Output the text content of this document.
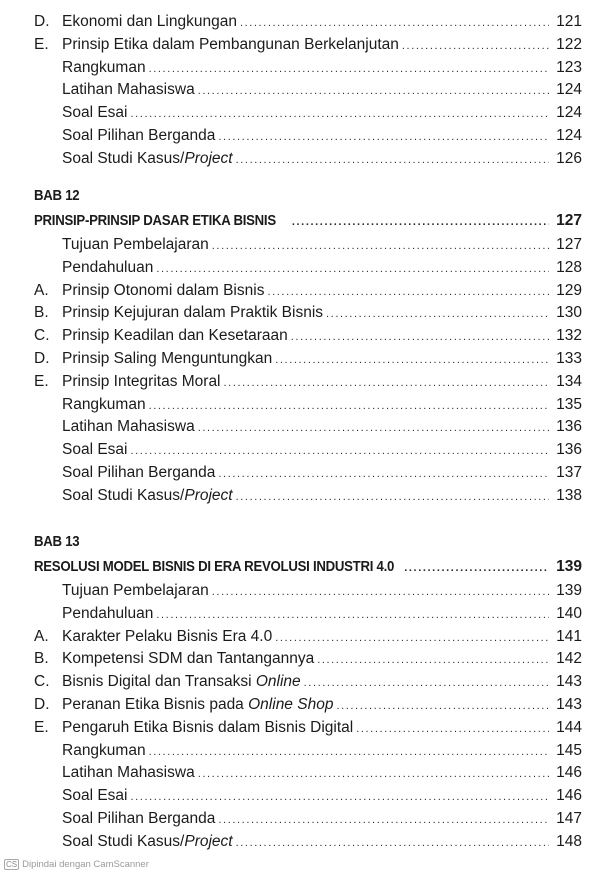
D. Ekonomi dan Lingkungan .....	121
E. Prinsip Etika dalam Pembangunan Berkelanjutan .....	122
Rangkuman .....	123
Latihan Mahasiswa .....	124
Soal Esai .....	124
Soal Pilihan Berganda .....	124
Soal Studi Kasus/Project .....	126
BAB 12
PRINSIP-PRINSIP DASAR ETIKA BISNIS .....	127
Tujuan Pembelajaran .....	127
Pendahuluan .....	128
A. Prinsip Otonomi dalam Bisnis .....	129
B. Prinsip Kejujuran dalam Praktik Bisnis .....	130
C. Prinsip Keadilan dan Kesetaraan .....	132
D. Prinsip Saling Menguntungkan .....	133
E. Prinsip Integritas Moral .....	134
Rangkuman .....	135
Latihan Mahasiswa .....	136
Soal Esai .....	136
Soal Pilihan Berganda .....	137
Soal Studi Kasus/Project .....	138
BAB 13
RESOLUSI MODEL BISNIS DI ERA REVOLUSI INDUSTRI 4.0 .....	139
Tujuan Pembelajaran .....	139
Pendahuluan .....	140
A. Karakter Pelaku Bisnis Era 4.0 .....	141
B. Kompetensi SDM dan Tantangannya .....	142
C. Bisnis Digital dan Transaksi Online .....	143
D. Peranan Etika Bisnis pada Online Shop .....	143
E. Pengaruh Etika Bisnis dalam Bisnis Digital .....	144
Rangkuman .....	145
Latihan Mahasiswa .....	146
Soal Esai .....	146
Soal Pilihan Berganda .....	147
Soal Studi Kasus/Project .....	148
CS Dipindai dengan CamScanner
